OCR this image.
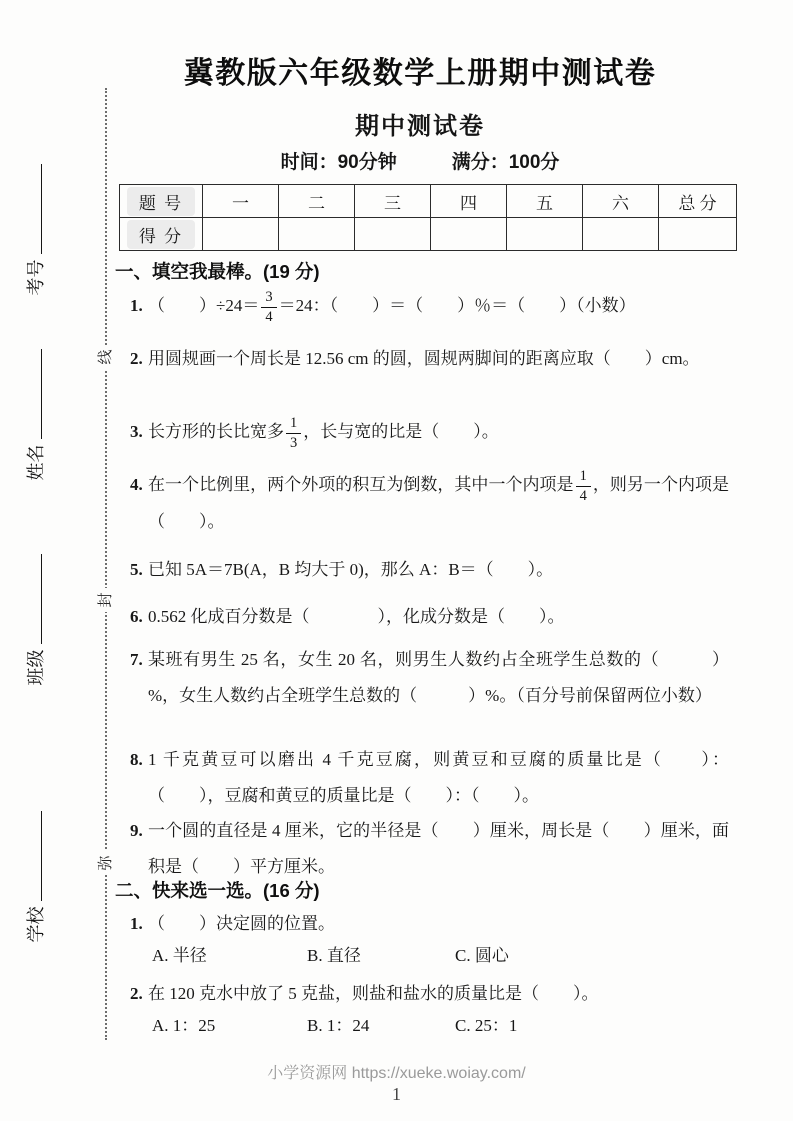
考号
姓名
班级
学校
线
封
弥
冀教版六年级数学上册期中测试卷
期中测试卷
时间：90分钟	满分：100分
题 号	一	二	三	四	五	六	总 分
得 分							
一、填空我最棒。(19 分)
1. （　　）$\div 24= \frac{3}{4} =24$：（　　）＝（　　）％＝（　　）（小数）
2. 用圆规画一个周长是 12.56 cm 的圆，圆规两脚间的距离应取（　　）cm。
3. 长方形的长比宽多 $\frac{1}{3}$ ，长与宽的比是（　　）。
4. 在一个比例里，两个外项的积互为倒数，其中一个内项是 $\frac{1}{4}$ ，则另一个内项是（　　）。
5. 已知 5A＝7B(A，B 均大于 0)，那么 A：B＝（　　）。
6. 0.562 化成百分数是（　　　　），化成分数是（　　）。
7. 某班有男生 25 名，女生 20 名，则男生人数约占全班学生总数的（　　　）%，女生人数约占全班学生总数的（　　　）%。（百分号前保留两位小数）
8. 1 千克黄豆可以磨出 4 千克豆腐，则黄豆和豆腐的质量比是（　　）：（　　），豆腐和黄豆的质量比是（　　）：（　　）。
9. 一个圆的直径是 4 厘米，它的半径是（　　）厘米，周长是（　　）厘米，面积是（　　）平方厘米。
二、快来选一选。(16 分)
1. （　　）决定圆的位置。
A. 半径	B. 直径	C. 圆心
2. 在 120 克水中放了 5 克盐，则盐和盐水的质量比是（　　）。
A. 1：25	B. 1：24	C. 25：1
小学资源网 https://xueke.woiay.com/
1
